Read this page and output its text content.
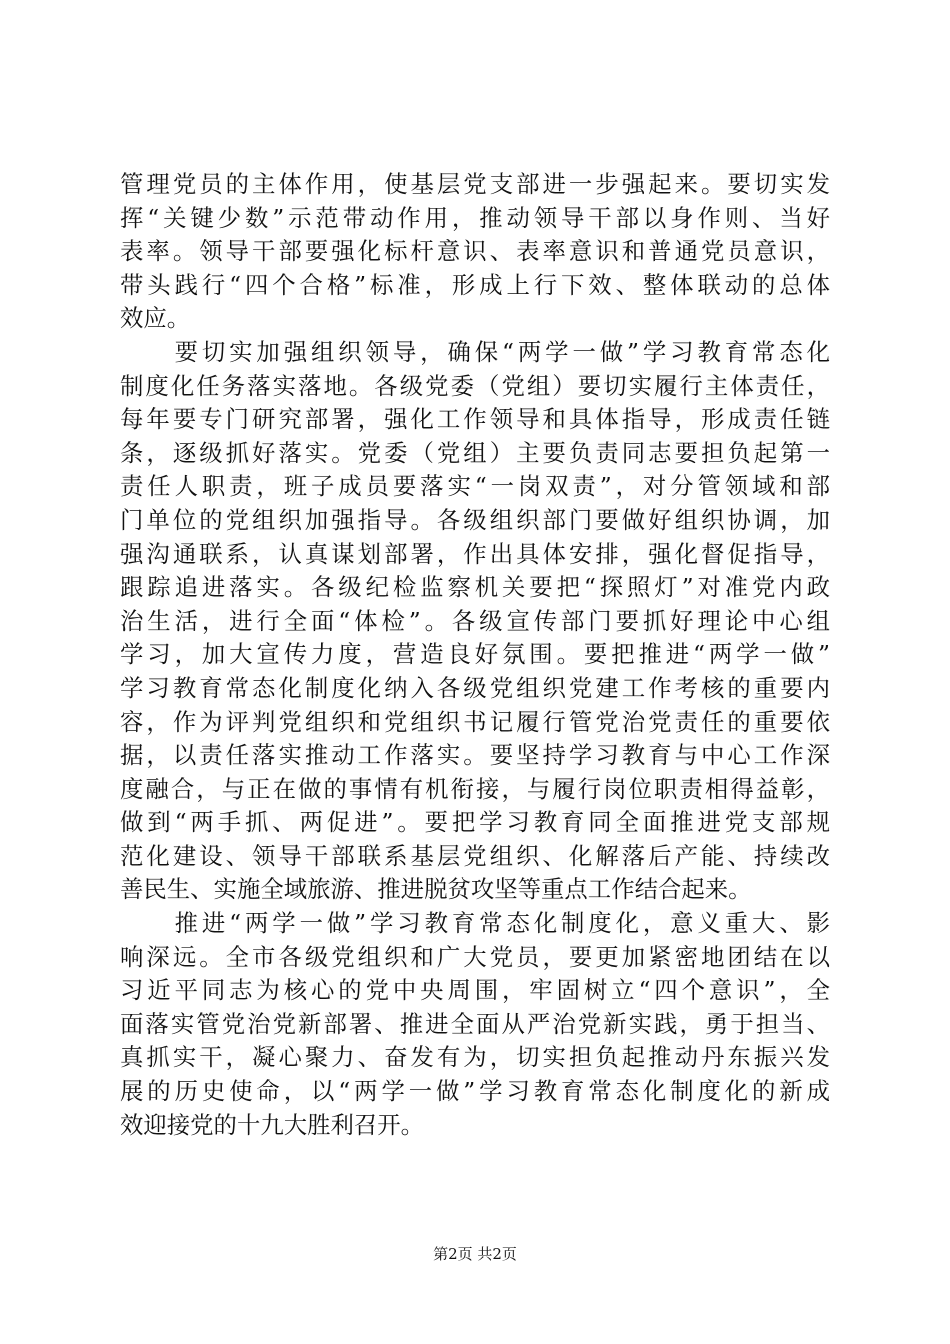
管理党员的主体作用，使基层党支部进一步强起来。要切实发
挥“关键少数”示范带动作用，推动领导干部以身作则、当好
表率。领导干部要强化标杆意识、表率意识和普通党员意识，
带头践行“四个合格”标准，形成上行下效、整体联动的总体
效应。
　　要切实加强组织领导，确保“两学一做”学习教育常态化
制度化任务落实落地。各级党委（党组）要切实履行主体责任，
每年要专门研究部署，强化工作领导和具体指导，形成责任链
条，逐级抓好落实。党委（党组）主要负责同志要担负起第一
责任人职责，班子成员要落实“一岗双责”，对分管领域和部
门单位的党组织加强指导。各级组织部门要做好组织协调，加
强沟通联系，认真谋划部署，作出具体安排，强化督促指导，
跟踪追进落实。各级纪检监察机关要把“探照灯”对准党内政
治生活，进行全面“体检”。各级宣传部门要抓好理论中心组
学习，加大宣传力度，营造良好氛围。要把推进“两学一做”
学习教育常态化制度化纳入各级党组织党建工作考核的重要内
容，作为评判党组织和党组织书记履行管党治党责任的重要依
据，以责任落实推动工作落实。要坚持学习教育与中心工作深
度融合，与正在做的事情有机衔接，与履行岗位职责相得益彰，
做到“两手抓、两促进”。要把学习教育同全面推进党支部规
范化建设、领导干部联系基层党组织、化解落后产能、持续改
善民生、实施全域旅游、推进脱贫攻坚等重点工作结合起来。
　　推进“两学一做”学习教育常态化制度化，意义重大、影
响深远。全市各级党组织和广大党员，要更加紧密地团结在以
习近平同志为核心的党中央周围，牢固树立“四个意识”，全
面落实管党治党新部署、推进全面从严治党新实践，勇于担当、
真抓实干，凝心聚力、奋发有为，切实担负起推动丹东振兴发
展的历史使命，以“两学一做”学习教育常态化制度化的新成
效迎接党的十九大胜利召开。
第2页 共2页
